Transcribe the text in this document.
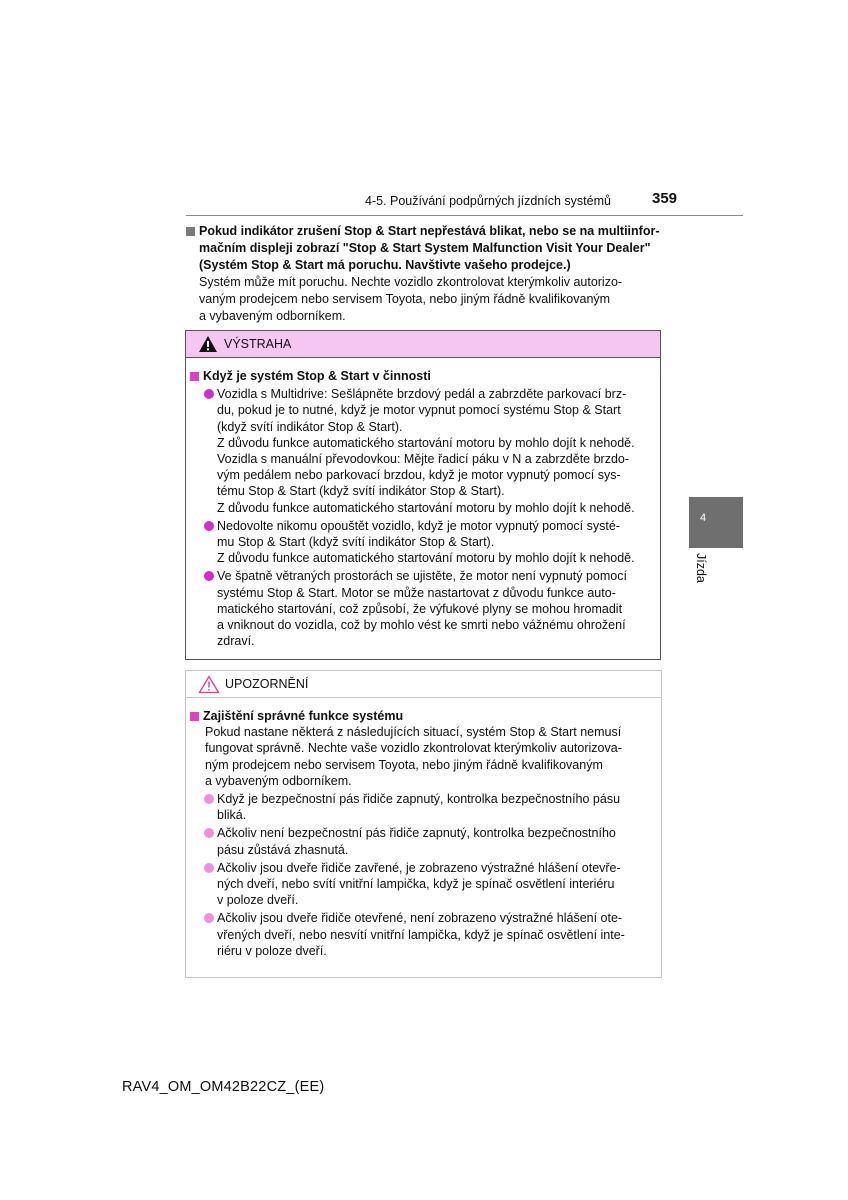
4-5. Používání podpůrných jízdních systémů	359
4
Jízda
Pokud indikátor zrušení Stop & Start nepřestává blikat, nebo se na multiinfor-
mačním displeji zobrazí "Stop & Start System Malfunction Visit Your Dealer"
(Systém Stop & Start má poruchu. Navštivte vašeho prodejce.)
Systém může mít poruchu. Nechte vozidlo zkontrolovat kterýmkoliv autorizo-
vaným prodejcem nebo servisem Toyota, nebo jiným řádně kvalifikovaným
a vybaveným odborníkem.
VÝSTRAHA
Když je systém Stop & Start v činnosti

Vozidla s Multidrive: Sešlápněte brzdový pedál a zabrzděte parkovací brz-

du, pokud je to nutné, když je motor vypnut pomocí systému Stop & Start

(když svítí indikátor Stop & Start).

Z důvodu funkce automatického startování motoru by mohlo dojít k nehodě.

Vozidla s manuální převodovkou: Mějte řadicí páku v N a zabrzděte brzdo-

vým pedálem nebo parkovací brzdou, když je motor vypnutý pomocí sys-

tému Stop & Start (když svítí indikátor Stop & Start).

Z důvodu funkce automatického startování motoru by mohlo dojít k nehodě.

Nedovolte nikomu opouštět vozidlo, když je motor vypnutý pomocí systé-

mu Stop & Start (když svítí indikátor Stop & Start).

Z důvodu funkce automatického startování motoru by mohlo dojít k nehodě.

Ve špatně větraných prostorách se ujistěte, že motor není vypnutý pomocí

systému Stop & Start. Motor se může nastartovat z důvodu funkce auto-

matického startování, což způsobí, že výfukové plyny se mohou hromadit

a vniknout do vozidla, což by mohlo vést ke smrti nebo vážnému ohrožení

zdraví.

UPOZORNĚNÍ
Zajištění správné funkce systému
Pokud nastane některá z následujících situací, systém Stop & Start nemusí
fungovat správně. Nechte vaše vozidlo zkontrolovat kterýmkoliv autorizova-
ným prodejcem nebo servisem Toyota, nebo jiným řádně kvalifikovaným
a vybaveným odborníkem.

Když je bezpečnostní pás řidiče zapnutý, kontrolka bezpečnostního pásu

bliká.

Ačkoliv není bezpečnostní pás řidiče zapnutý, kontrolka bezpečnostního

pásu zůstává zhasnutá.

Ačkoliv jsou dveře řidiče zavřené, je zobrazeno výstražné hlášení otevře-

ných dveří, nebo svítí vnitřní lampička, když je spínač osvětlení interiéru

v poloze dveří.

Ačkoliv jsou dveře řidiče otevřené, není zobrazeno výstražné hlášení ote-

vřených dveří, nebo nesvítí vnitřní lampička, když je spínač osvětlení inte-

riéru v poloze dveří.

RAV4_OM_OM42B22CZ_(EE)
